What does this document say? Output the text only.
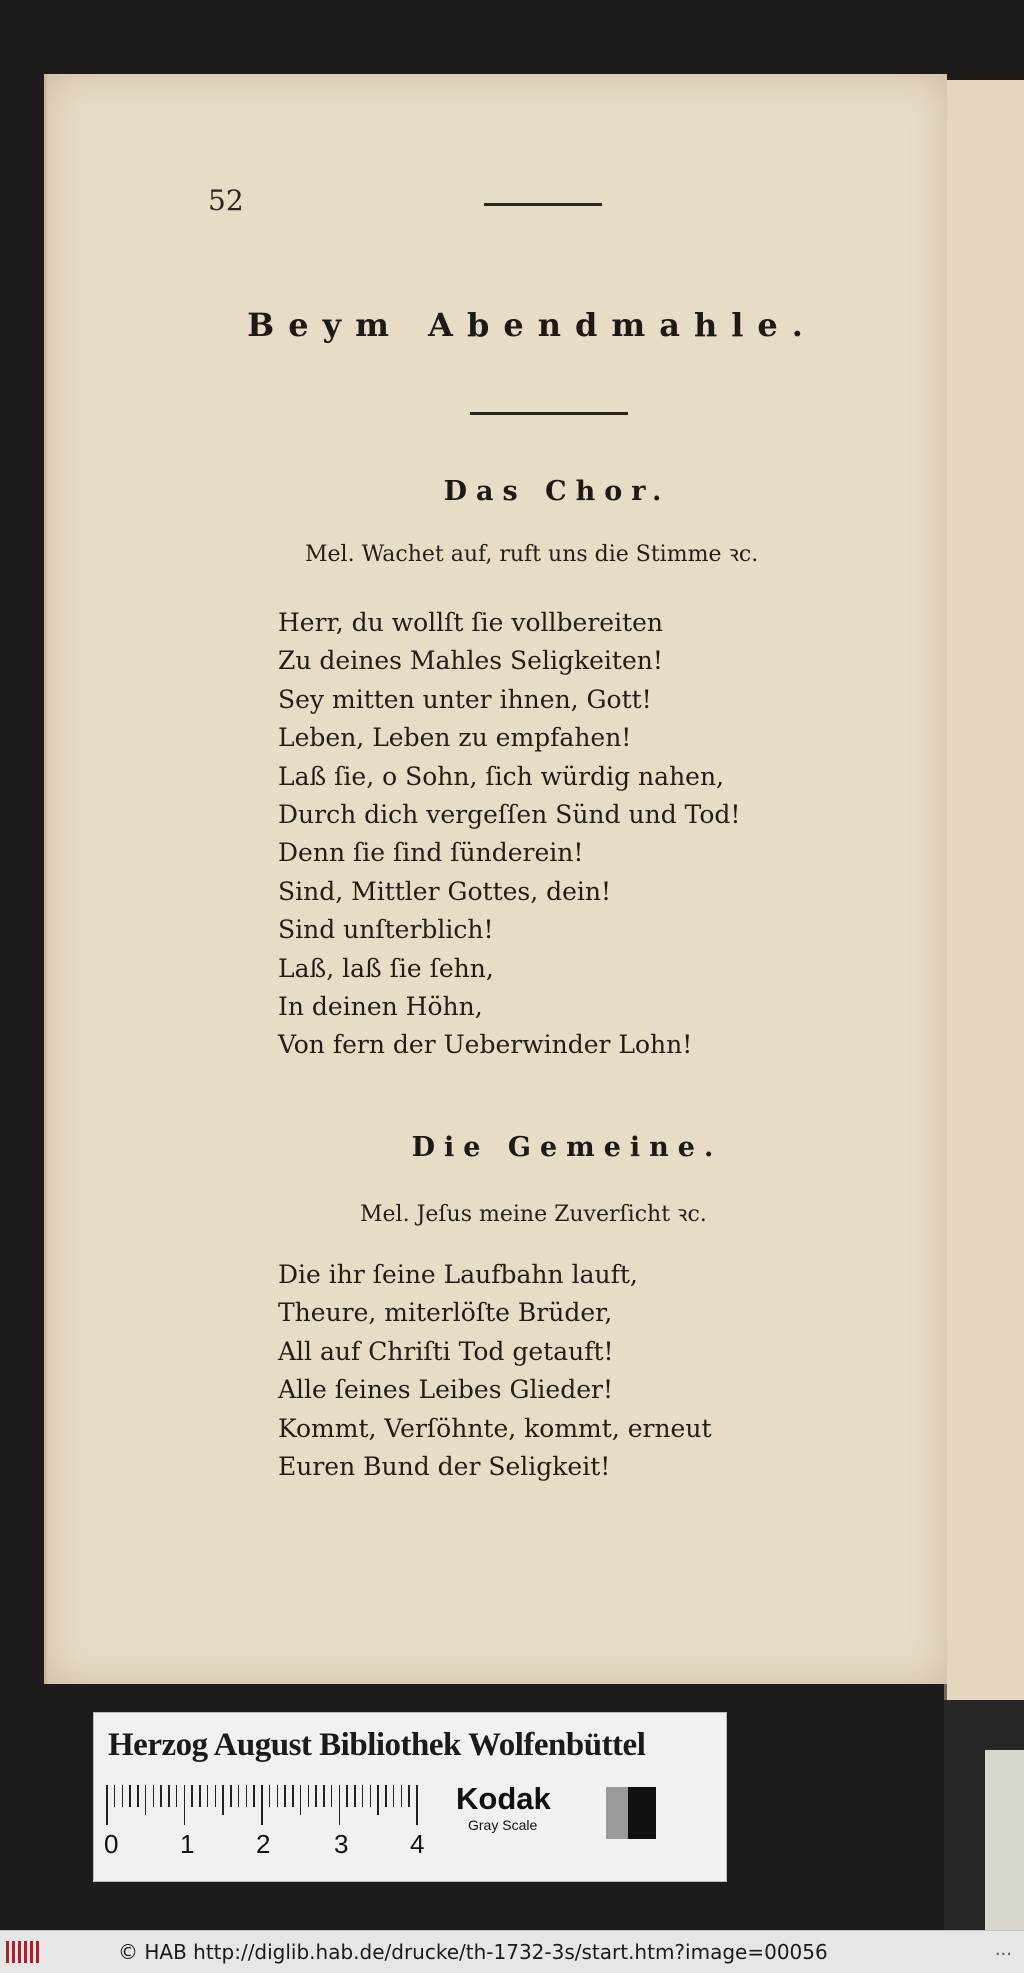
52
Beym Abendmahle.
Das Chor.
Mel. Wachet auf, ruft uns die Stimme ꝛc.
Herr, du wollſt ſie vollbereiten
Zu deines Mahles Seligkeiten!
Sey mitten unter ihnen, Gott!
Leben, Leben zu empfahen!
Laß ſie, o Sohn, ſich würdig nahen,
Durch dich vergeſſen Sünd und Tod!
Denn ſie ſind ſünderein!
Sind, Mittler Gottes, dein!
Sind unſterblich!
Laß, laß ſie ſehn,
In deinen Höhn,
Von fern der Ueberwinder Lohn!
Die Gemeine.
Mel. Jeſus meine Zuverſicht ꝛc.
Die ihr ſeine Laufbahn lauft,
Theure, miterlöſte Brüder,
All auf Chriſti Tod getauft!
Alle ſeines Leibes Glieder!
Kommt, Verſöhnte, kommt, erneut
Euren Bund der Seligkeit!
Herzog August Bibliothek Wolfenbüttel
0 1 2 3 4
Kodak
Gray Scale
© HAB http://diglib.hab.de/drucke/th-1732-3s/start.htm?image=00056	...
